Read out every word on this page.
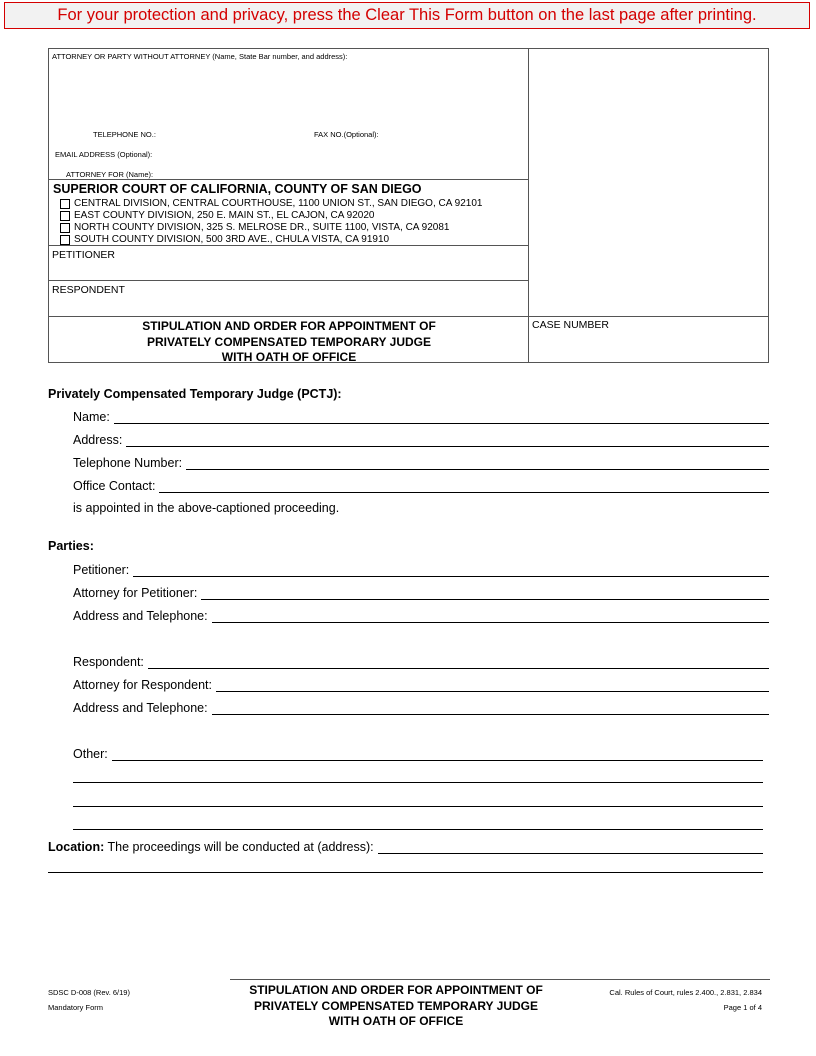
For your protection and privacy, press the Clear This Form button on the last page after printing.
ATTORNEY OR PARTY WITHOUT ATTORNEY (Name, State Bar number, and address):
TELEPHONE NO.:	FAX NO.(Optional):
EMAIL ADDRESS (Optional):
ATTORNEY FOR (Name):
SUPERIOR COURT OF CALIFORNIA, COUNTY OF SAN DIEGO
CENTRAL DIVISION, CENTRAL COURTHOUSE, 1100 UNION ST., SAN DIEGO, CA 92101
EAST COUNTY DIVISION, 250 E. MAIN ST., EL CAJON, CA 92020
NORTH COUNTY DIVISION, 325 S. MELROSE DR., SUITE 1100, VISTA, CA 92081
SOUTH COUNTY DIVISION, 500 3RD AVE., CHULA VISTA, CA 91910
PETITIONER
RESPONDENT
STIPULATION AND ORDER FOR APPOINTMENT OF
PRIVATELY COMPENSATED TEMPORARY JUDGE
WITH OATH OF OFFICE
CASE NUMBER
Privately Compensated Temporary Judge (PCTJ):
Name:
Address:
Telephone Number:
Office Contact:
is appointed in the above-captioned proceeding.
Parties:
Petitioner:
Attorney for Petitioner:
Address and Telephone:
Respondent:
Attorney for Respondent:
Address and Telephone:
Other:
Location: The proceedings will be conducted at (address):
SDSC D-008 (Rev. 6/19)
Mandatory Form
STIPULATION AND ORDER FOR APPOINTMENT OF
PRIVATELY COMPENSATED TEMPORARY JUDGE
WITH OATH OF OFFICE
Cal. Rules of Court, rules 2.400., 2.831, 2.834
Page 1 of 4
